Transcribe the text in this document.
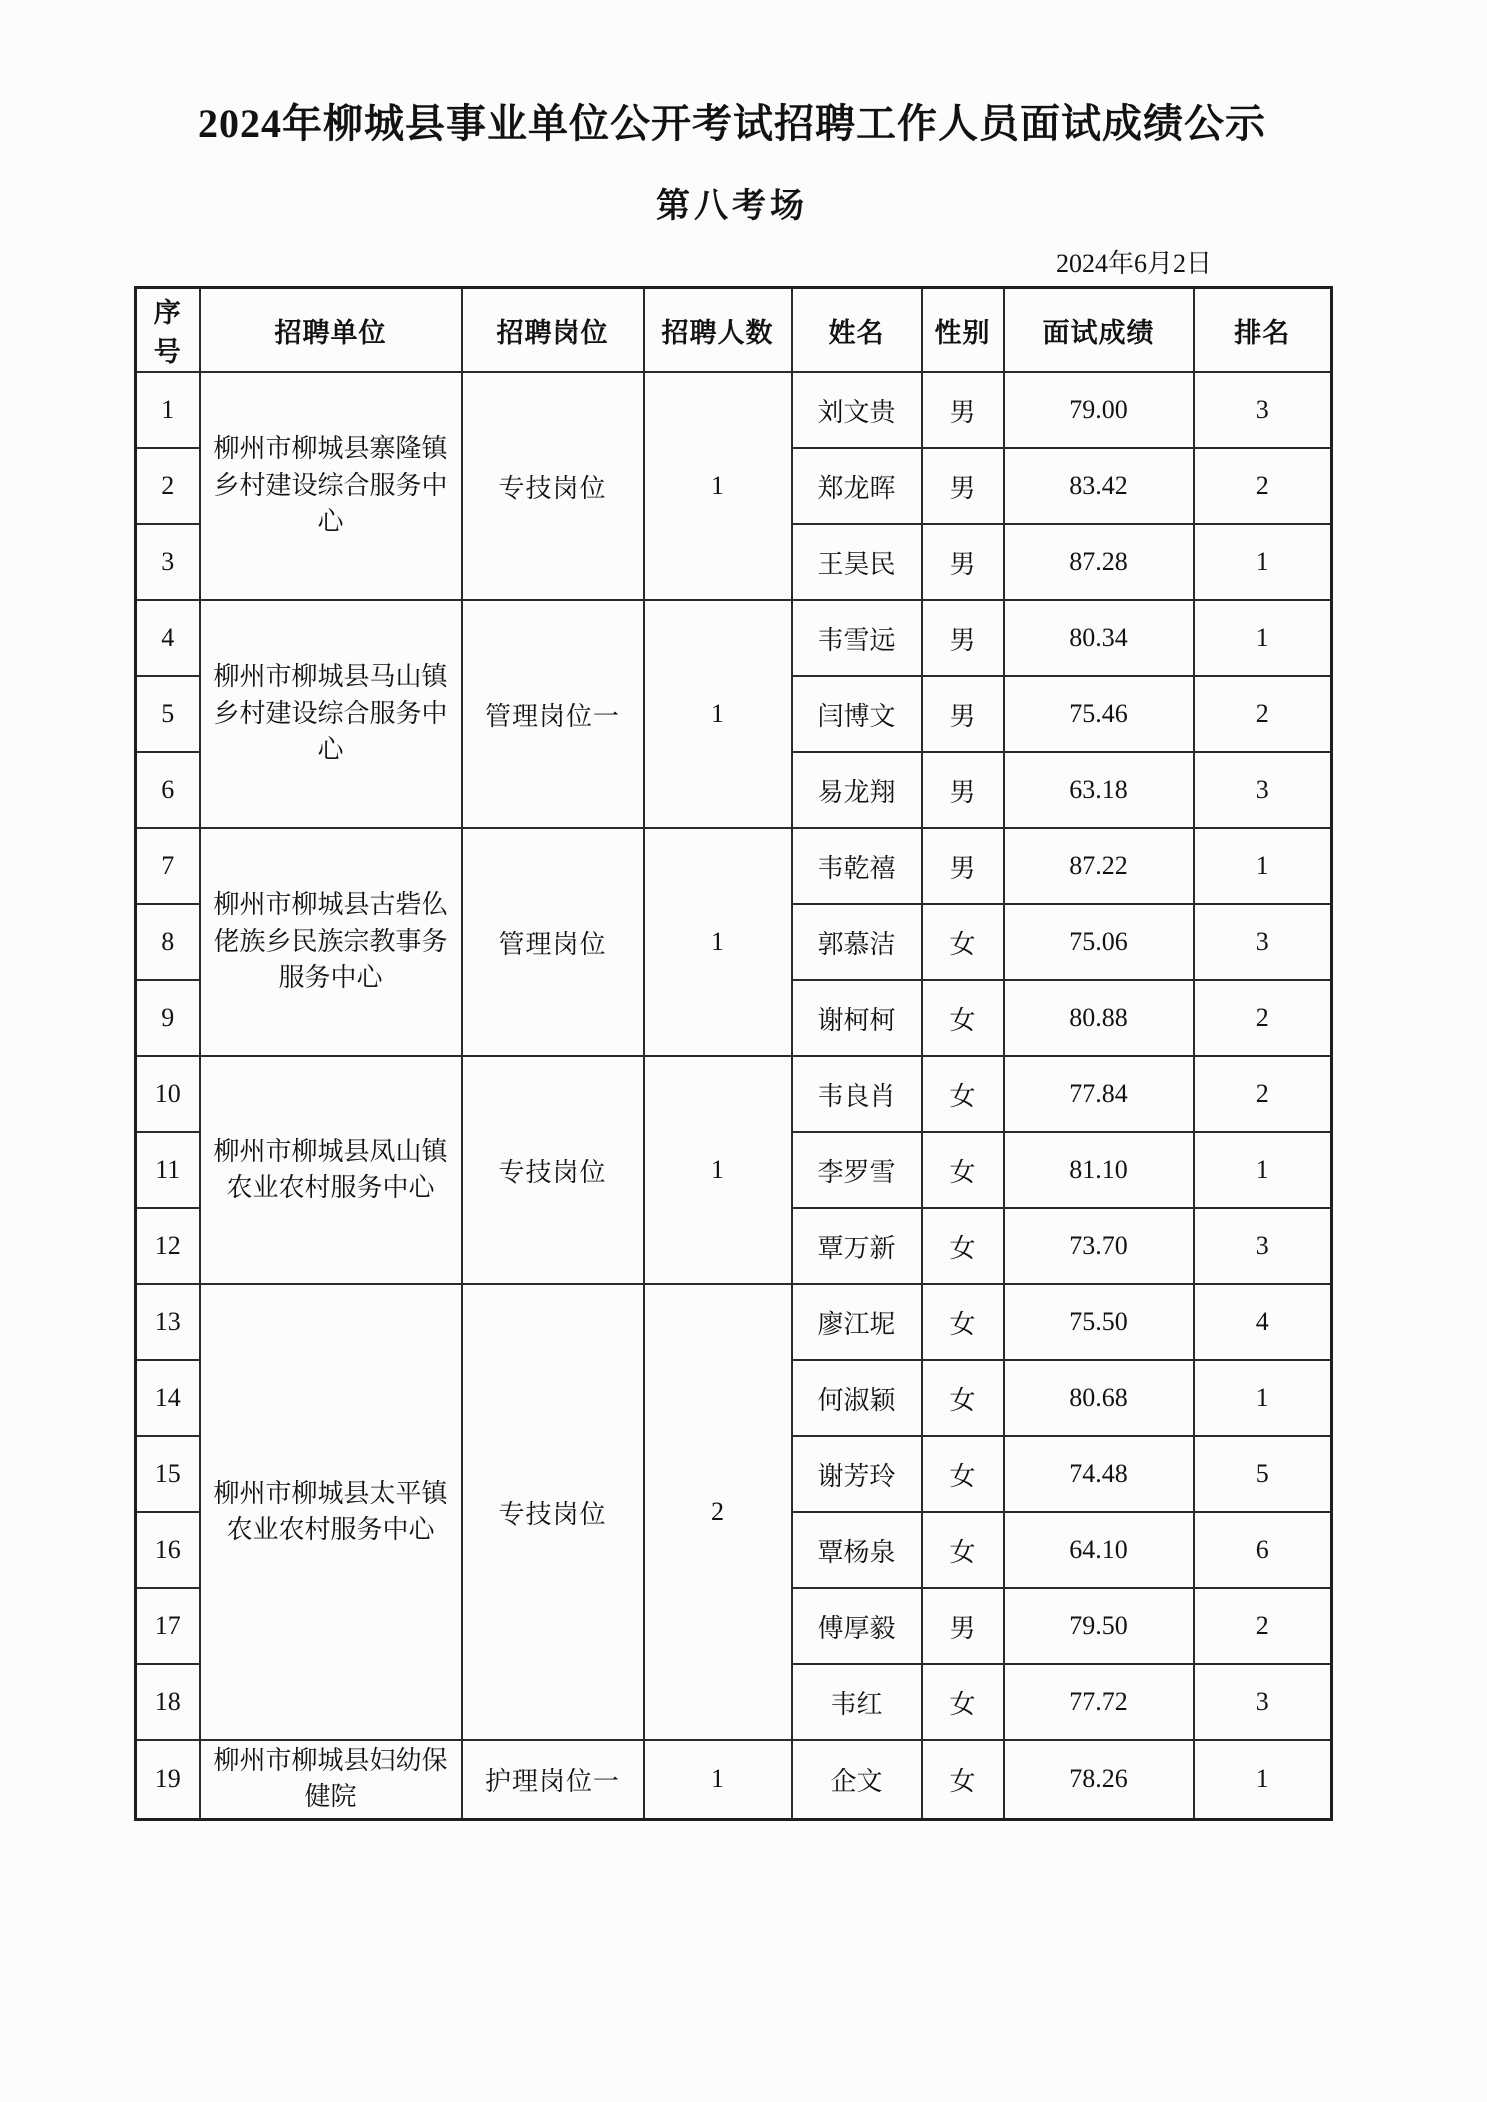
2024年柳城县事业单位公开考试招聘工作人员面试成绩公示
第八考场
2024年6月2日
序号	招聘单位	招聘岗位	招聘人数	姓名	性别	面试成绩	排名
1	柳州市柳城县寨隆镇乡村建设综合服务中心	专技岗位	1	刘文贵	男	79.00	3
2				郑龙晖	男	83.42	2
3				王昊民	男	87.28	1
4	柳州市柳城县马山镇乡村建设综合服务中心	管理岗位一	1	韦雪远	男	80.34	1
5				闫博文	男	75.46	2
6				易龙翔	男	63.18	3
7	柳州市柳城县古砦仫佬族乡民族宗教事务服务中心	管理岗位	1	韦乾禧	男	87.22	1
8				郭慕洁	女	75.06	3
9				谢柯柯	女	80.88	2
10	柳州市柳城县凤山镇农业农村服务中心	专技岗位	1	韦良肖	女	77.84	2
11				李罗雪	女	81.10	1
12				覃万新	女	73.70	3
13	柳州市柳城县太平镇农业农村服务中心	专技岗位	2	廖江坭	女	75.50	4
14				何淑颖	女	80.68	1
15				谢芳玲	女	74.48	5
16				覃杨泉	女	64.10	6
17				傅厚毅	男	79.50	2
18				韦红	女	77.72	3
19	柳州市柳城县妇幼保健院	护理岗位一	1	企文	女	78.26	1
